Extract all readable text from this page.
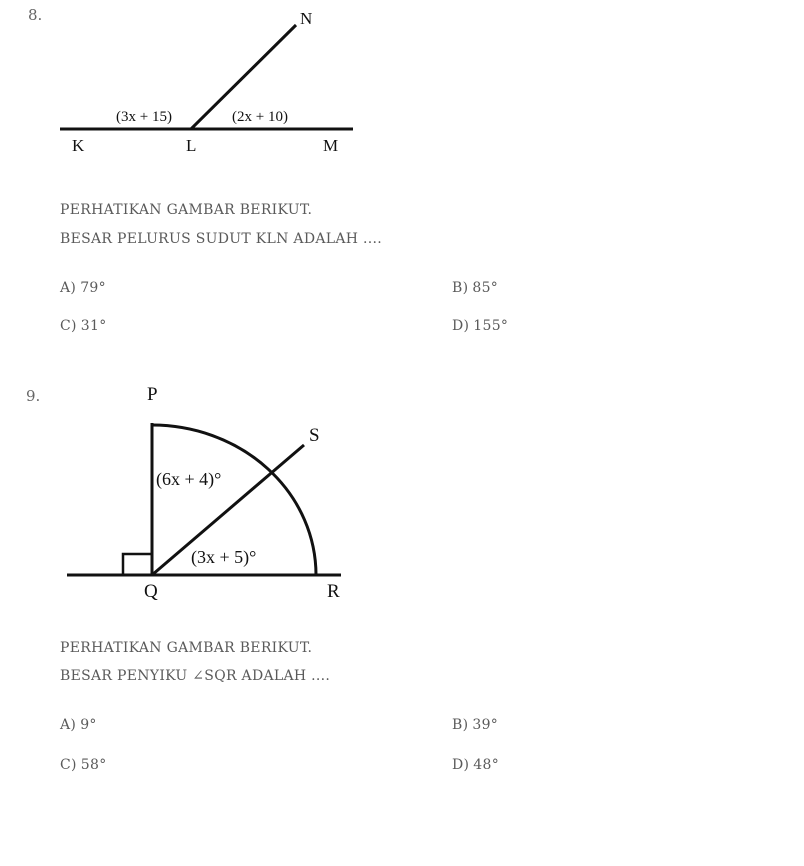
8.	N
K	L	M
(3x + 15)	(2x + 10)
PERHATIKAN GAMBAR BERIKUT.
BESAR PELURUS SUDUT KLN ADALAH ....
A) 79°	B) 85°
C) 31°	D) 155°
9.	P
S
Q	R
(6x + 4)°
(3x + 5)°
PERHATIKAN GAMBAR BERIKUT.
BESAR PENYIKU ∠SQR ADALAH ....
A) 9°	B) 39°
C) 58°	D) 48°
